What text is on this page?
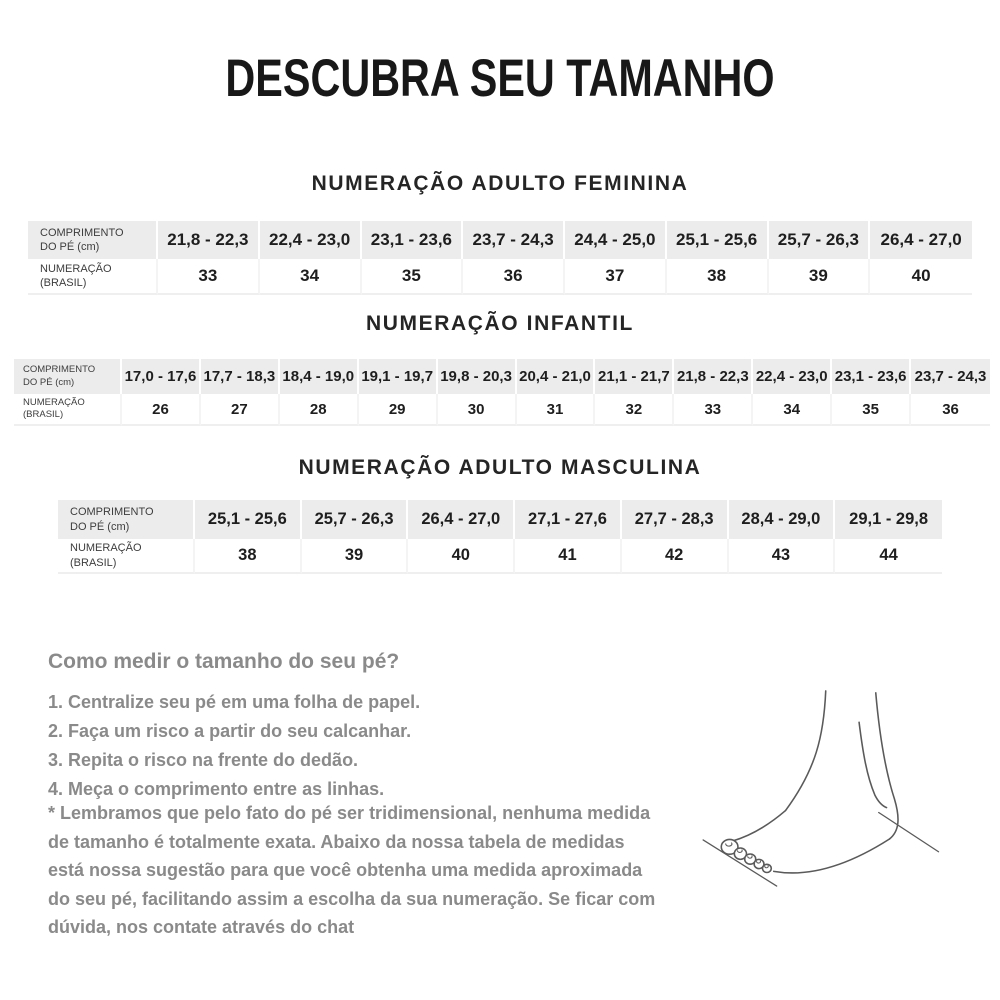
DESCUBRA SEU TAMANHO
NUMERAÇÃO ADULTO FEMININA
COMPRIMENTO
DO PÉ (cm)	21,8 - 22,3	22,4 - 23,0	23,1 - 23,6	23,7 - 24,3	24,4 - 25,0	25,1 - 25,6	25,7 - 26,3	26,4 - 27,0
NUMERAÇÃO
(BRASIL)	33	34	35	36	37	38	39	40
NUMERAÇÃO INFANTIL
COMPRIMENTO
DO PÉ (cm)	17,0 - 17,6	17,7 - 18,3	18,4 - 19,0	19,1 - 19,7	19,8 - 20,3	20,4 - 21,0	21,1 - 21,7	21,8 - 22,3	22,4 - 23,0	23,1 - 23,6	23,7 - 24,3
NUMERAÇÃO
(BRASIL)	26	27	28	29	30	31	32	33	34	35	36
NUMERAÇÃO ADULTO MASCULINA
COMPRIMENTO
DO PÉ (cm)	25,1 - 25,6	25,7 - 26,3	26,4 - 27,0	27,1 - 27,6	27,7 - 28,3	28,4 - 29,0	29,1 - 29,8
NUMERAÇÃO
(BRASIL)	38	39	40	41	42	43	44
Como medir o tamanho do seu pé?
1. Centralize seu pé em uma folha de papel.
2. Faça um risco a partir do seu calcanhar.
3. Repita o risco na frente do dedão.
4. Meça o comprimento entre as linhas.
* Lembramos que pelo fato do pé ser tridimensional, nenhuma medida de tamanho é totalmente exata. Abaixo da nossa tabela de medidas está nossa sugestão para que você obtenha uma medida aproximada do seu pé, facilitando assim a escolha da sua numeração. Se ficar com dúvida, nos contate através do chat
